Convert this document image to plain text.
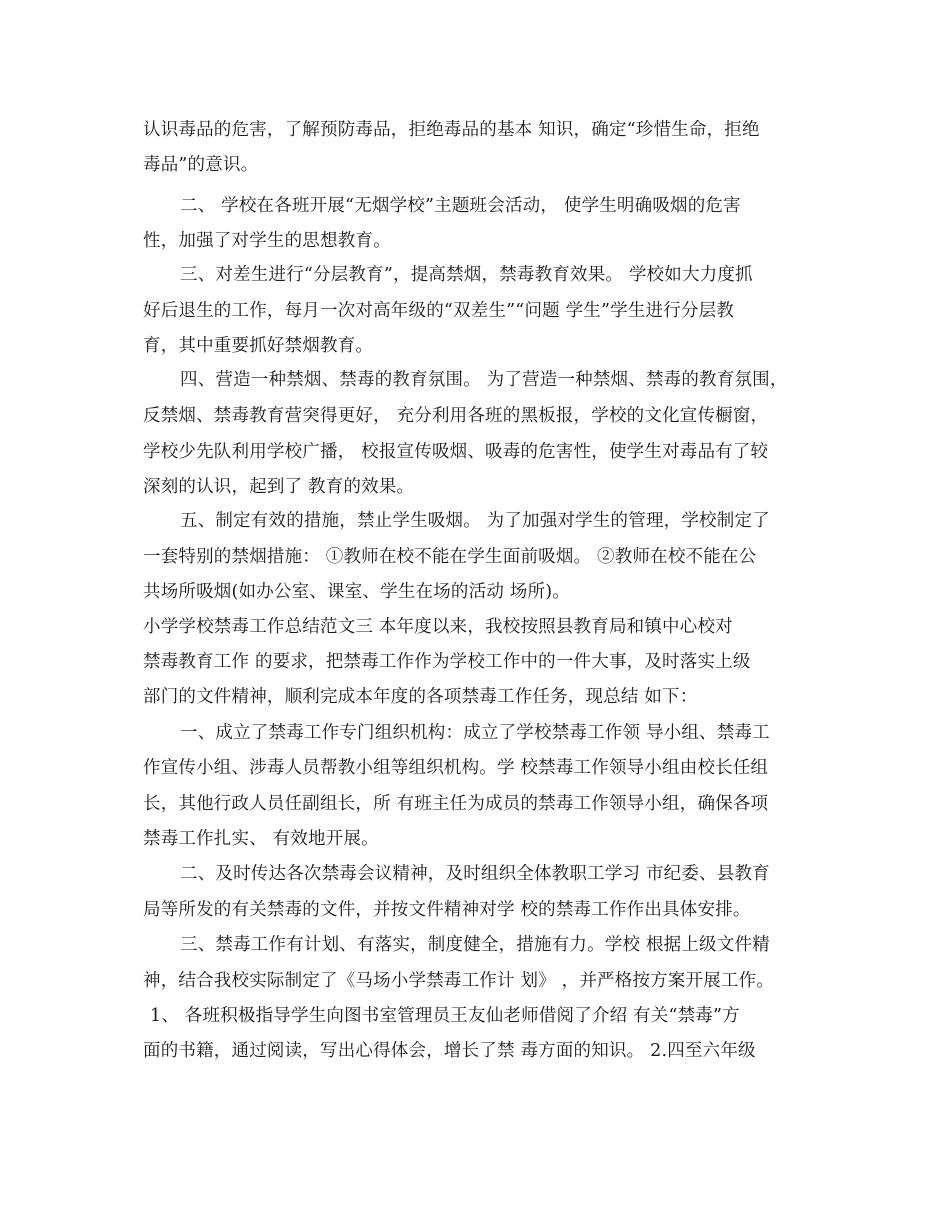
认识毒品的危害，了解预防毒品，拒绝毒品的基本 知识，确定“珍惜生命，拒绝
毒品”的意识。
二、 学校在各班开展“无烟学校”主题班会活动， 使学生明确吸烟的危害
性，加强了对学生的思想教育。
三、对差生进行“分层教育”，提高禁烟，禁毒教育效果。 学校如大力度抓
好后退生的工作，每月一次对高年级的“双差生”“问题 学生”学生进行分层教
育，其中重要抓好禁烟教育。
四、营造一种禁烟、禁毒的教育氛围。 为了营造一种禁烟、禁毒的教育氛围，
反禁烟、禁毒教育营突得更好， 充分利用各班的黑板报，学校的文化宣传橱窗，
学校少先队利用学校广播， 校报宣传吸烟、吸毒的危害性，使学生对毒品有了较
深刻的认识，起到了 教育的效果。
五、制定有效的措施，禁止学生吸烟。 为了加强对学生的管理，学校制定了
一套特别的禁烟措施： ①教师在校不能在学生面前吸烟。 ②教师在校不能在公
共场所吸烟(如办公室、课室、学生在场的活动 场所)。
小学学校禁毒工作总结范文三 本年度以来，我校按照县教育局和镇中心校对
禁毒教育工作 的要求，把禁毒工作作为学校工作中的一件大事，及时落实上级
部门的文件精神，顺利完成本年度的各项禁毒工作任务，现总结 如下：
一、成立了禁毒工作专门组织机构：成立了学校禁毒工作领 导小组、禁毒工
作宣传小组、涉毒人员帮教小组等组织机构。学 校禁毒工作领导小组由校长任组
长，其他行政人员任副组长，所 有班主任为成员的禁毒工作领导小组，确保各项
禁毒工作扎实、 有效地开展。
二、及时传达各次禁毒会议精神，及时组织全体教职工学习 市纪委、县教育
局等所发的有关禁毒的文件，并按文件精神对学 校的禁毒工作作出具体安排。
三、禁毒工作有计划、有落实，制度健全，措施有力。学校 根据上级文件精
神，结合我校实际制定了《马场小学禁毒工作计 划》 ，并严格按方案开展工作。
1、 各班积极指导学生向图书室管理员王友仙老师借阅了介绍 有关“禁毒”方
面的书籍，通过阅读，写出心得体会，增长了禁 毒方面的知识。 2.四至六年级
